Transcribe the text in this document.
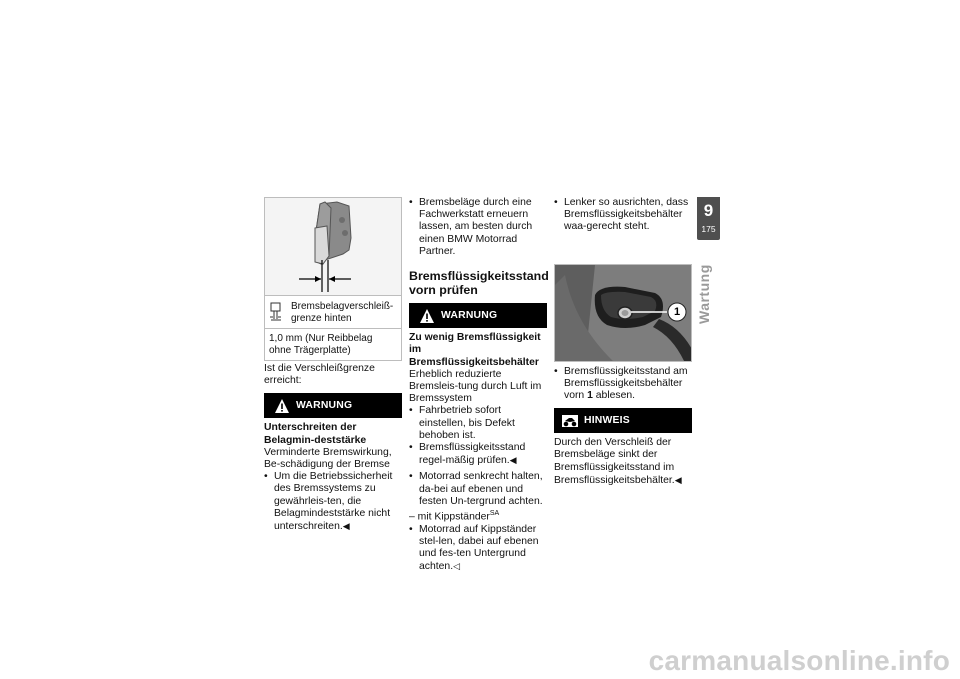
Bremsbelagverschleiß-grenze hinten
1,0 mm (Nur Reibbelag ohne Trägerplatte)

Ist die Verschleißgrenze erreicht:

WARNUNG

Unterschreiten der Belagmin-deststärke

Verminderte Bremswirkung, Be-schädigung der Bremse

• Um die Betriebssicherheit des Bremssystems zu gewährleis-ten, die Belagmindeststärke nicht unterschreiten.◀
• Bremsbeläge durch eine Fachwerkstatt erneuern lassen, am besten durch einen BMW Motorrad Partner.
Bremsflüssigkeitsstand vorn prüfen
WARNUNG

Zu wenig Bremsflüssigkeit im Bremsflüssigkeitsbehälter

Erheblich reduzierte Bremsleis-tung durch Luft im Bremssystem

• Fahrbetrieb sofort einstellen, bis Defekt behoben ist.
• Bremsflüssigkeitsstand regel-mäßig prüfen.◀
• Motorrad senkrecht halten, da-bei auf ebenen und festen Un-tergrund achten.

– mit Kippständer$^{SA}$

• Motorrad auf Kippständer stel-len, dabei auf ebenen und fes-ten Untergrund achten.◁
• Lenker so ausrichten, dass Bremsflüssigkeitsbehälter waa-gerecht steht.
1
• Bremsflüssigkeitsstand am Bremsflüssigkeitsbehälter vorn 1 ablesen.
HINWEIS

Durch den Verschleiß der Bremsbeläge sinkt der Bremsflüssigkeitsstand im Bremsflüssigkeitsbehälter.◀

9
175
Wartung
carmanualsonline.info
